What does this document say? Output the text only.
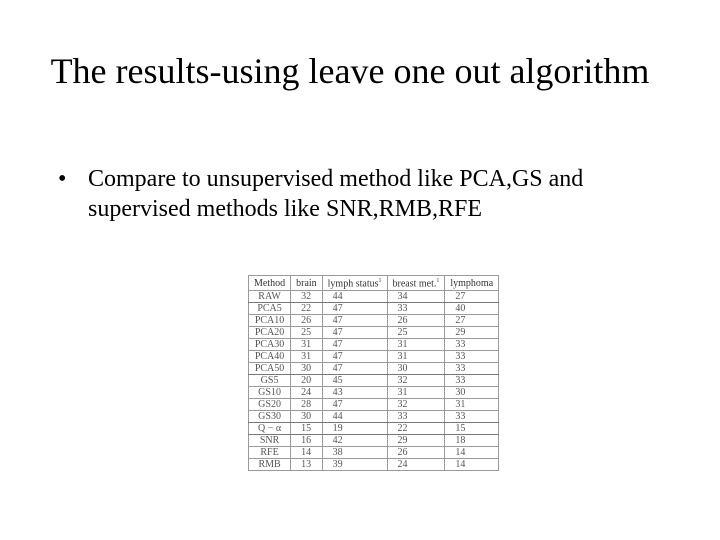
The results-using leave one out algorithm
• Compare to unsupervised method like PCA,GS and supervised methods like SNR,RMB,RFE
Method	brain	lymph status$^1$	breast met.$^1$	lymphoma
RAW	32	44	34	27
PCA5	22	47	33	40
PCA10	26	47	26	27
PCA20	25	47	25	29
PCA30	31	47	31	33
PCA40	31	47	31	33
PCA50	30	47	30	33
GS5	20	45	32	33
GS10	24	43	31	30
GS20	28	47	32	31
GS30	30	44	33	33
Q − α	15	19	22	15
SNR	16	42	29	18
RFE	14	38	26	14
RMB	13	39	24	14
